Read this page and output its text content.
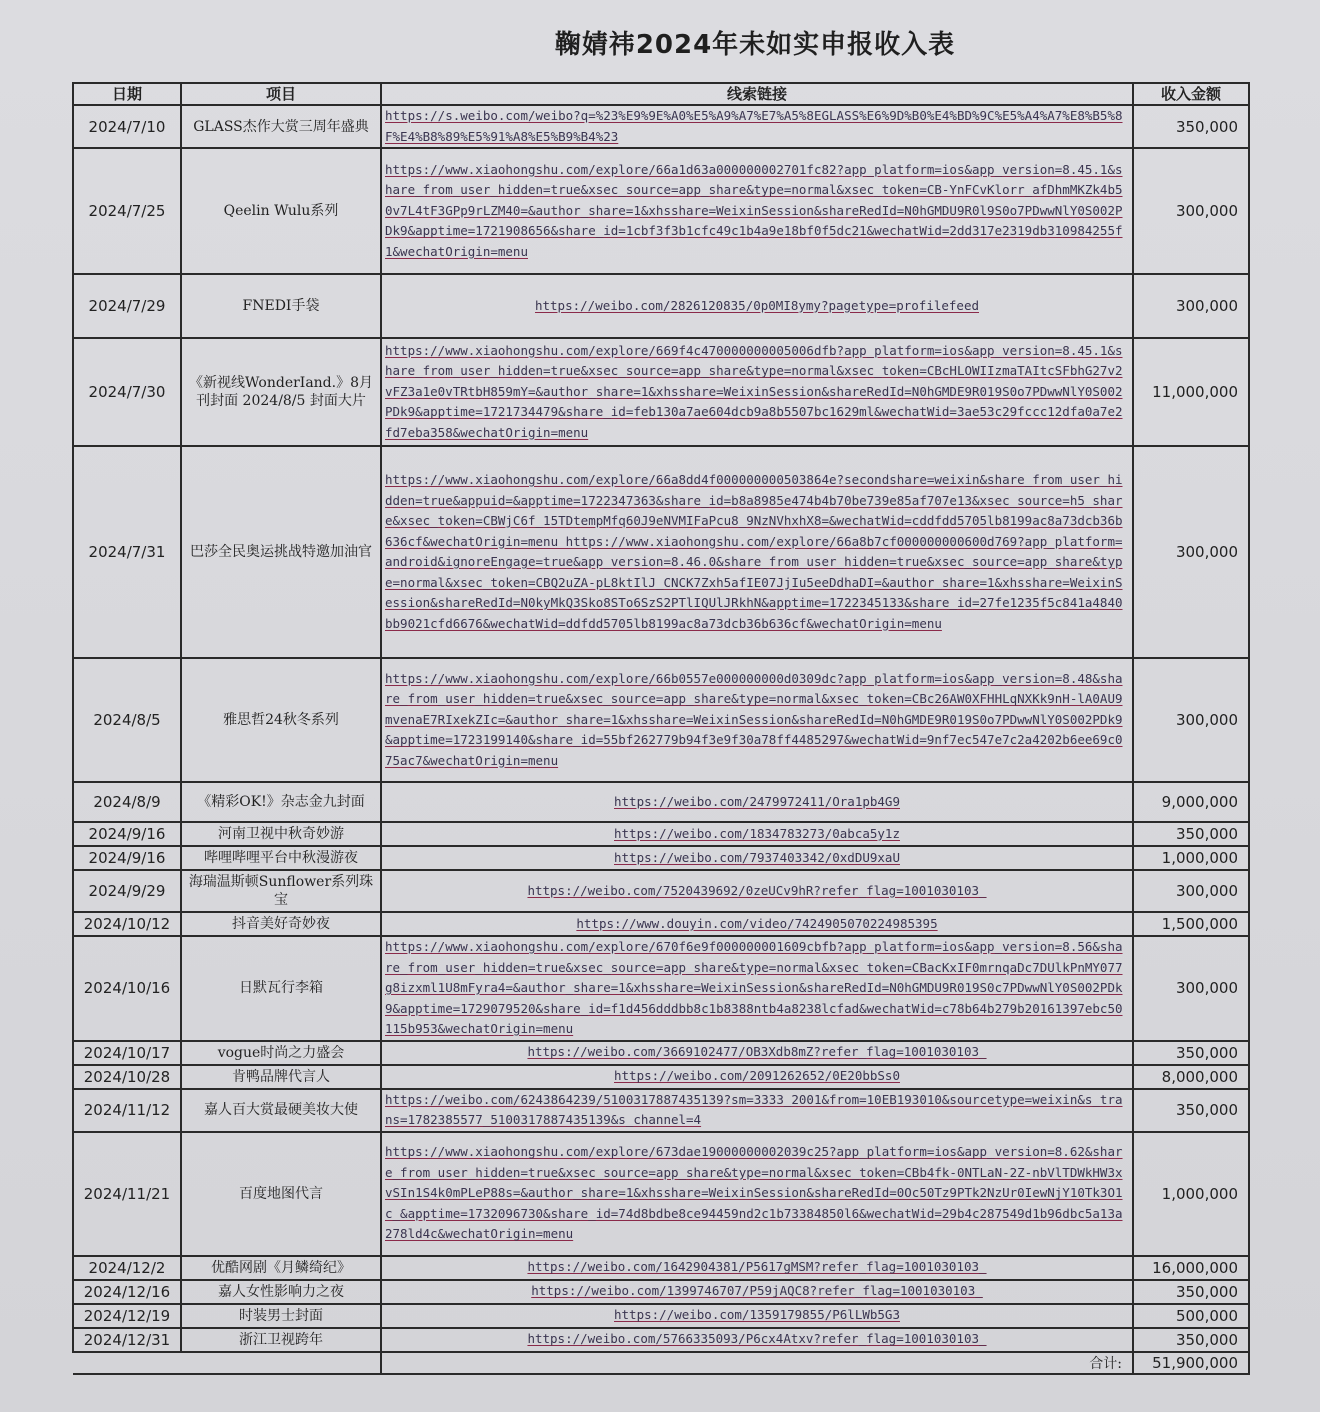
鞠婧祎2024年未如实申报收入表
日期	项目	线索链接	收入金额
2024/7/10	GLASS杰作大赏三周年盛典	https://s.weibo.com/weibo?q=%23%E9%9E%A0%E5%A9%A7%E7%A5%8EGLASS%E6%9D%B0%E4%BD%9C%E5%A4%A7%E8%B5%8F%E4%B8%89%E5%91%A8%E5%B9%B4%23	350,000
2024/7/25	Qeelin Wulu系列	https://www.xiaohongshu.com/explore/66a1d63a000000002701fc82?app_platform=ios&app_version=8.45.1&share_from_user_hidden=true&xsec_source=app_share&type=normal&xsec_token=CB-YnFCvKlorr_afDhmMKZk4b50v7L4tF3GPp9rLZM40=&author_share=1&xhsshare=WeixinSession&shareRedId=N0hGMDU9R0l9S0o7PDwwNlY0S002PDk9&apptime=1721908656&share_id=1cbf3f3b1cfc49c1b4a9e18bf0f5dc21&wechatWid=2dd317e2319db310984255f1&wechatOrigin=menu	300,000
2024/7/29	FNEDI手袋	https://weibo.com/2826120835/0p0MI8ymy?pagetype=profilefeed	300,000
2024/7/30	《新视线WonderIand.》8月刊封面 2024/8/5 封面大片	https://www.xiaohongshu.com/explore/669f4c470000000005006dfb?app_platform=ios&app_version=8.45.1&share_from_user_hidden=true&xsec_source=app_share&type=normal&xsec_token=CBcHLOWIIzmaTAItcSFbhG27v2vFZ3a1e0vTRtbH859mY=&author_share=1&xhsshare=WeixinSession&shareRedId=N0hGMDE9R019S0o7PDwwNlY0S002PDk9&apptime=1721734479&share_id=feb130a7ae604dcb9a8b5507bc1629ml&wechatWid=3ae53c29fccc12dfa0a7e2fd7eba358&wechatOrigin=menu	11,000,000
2024/7/31	巴莎全民奥运挑战特邀加油官	https://www.xiaohongshu.com/explore/66a8dd4f000000000503864e?secondshare=weixin&share_from_user_hidden=true&appuid=&apptime=1722347363&share_id=b8a8985e474b4b70be739e85af707e13&xsec_source=h5_share&xsec_token=CBWjC6f_15TDtempMfq60J9eNVMIFaPcu8_9NzNVhxhX8=&wechatWid=cddfdd5705lb8199ac8a73dcb36b636cf&wechatOrigin=menu https://www.xiaohongshu.com/explore/66a8b7cf000000000600d769?app_platform=android&ignoreEngage=true&app_version=8.46.0&share_from_user_hidden=true&xsec_source=app_share&type=normal&xsec_token=CBQ2uZA-pL8ktIlJ_CNCK7Zxh5afIE07JjIu5eeDdhaDI=&author_share=1&xhsshare=WeixinSession&shareRedId=N0kyMkQ3Sko8STo6SzS2PTlIQUlJRkhN&apptime=1722345133&share_id=27fe1235f5c841a4840bb9021cfd6676&wechatWid=ddfdd5705lb8199ac8a73dcb36b636cf&wechatOrigin=menu	300,000
2024/8/5	雅思哲24秋冬系列	https://www.xiaohongshu.com/explore/66b0557e000000000d0309dc?app_platform=ios&app_version=8.48&share_from_user_hidden=true&xsec_source=app_share&type=normal&xsec_token=CBc26AW0XFHHLqNXKk9nH-lA0AU9mvenaE7RIxekZIc=&author_share=1&xhsshare=WeixinSession&shareRedId=N0hGMDE9R019S0o7PDwwNlY0S002PDk9&apptime=1723199140&share_id=55bf262779b94f3e9f30a78ff4485297&wechatWid=9nf7ec547e7c2a4202b6ee69c075ac7&wechatOrigin=menu	300,000
2024/8/9	《精彩OK!》杂志金九封面	https://weibo.com/2479972411/Ora1pb4G9	9,000,000
2024/9/16	河南卫视中秋奇妙游	https://weibo.com/1834783273/0abca5y1z	350,000
2024/9/16	哔哩哔哩平台中秋漫游夜	https://weibo.com/7937403342/0xdDU9xaU	1,000,000
2024/9/29	海瑞温斯顿Sunflower系列珠宝	https://weibo.com/7520439692/0zeUCv9hR?refer_flag=1001030103_	300,000
2024/10/12	抖音美好奇妙夜	https://www.douyin.com/video/7424905070224985395	1,500,000
2024/10/16	日默瓦行李箱	https://www.xiaohongshu.com/explore/670f6e9f000000001609cbfb?app_platform=ios&app_version=8.56&share_from_user_hidden=true&xsec_source=app_share&type=normal&xsec_token=CBacKxIF0mrnqaDc7DUlkPnMY077g8izxml1U8mFyra4=&author_share=1&xhsshare=WeixinSession&shareRedId=N0hGMDU9R019S0c7PDwwNlY0S002PDk9&apptime=1729079520&share_id=f1d456dddbb8c1b8388ntb4a8238lcfad&wechatWid=c78b64b279b20161397ebc50115b953&wechatOrigin=menu	300,000
2024/10/17	vogue时尚之力盛会	https://weibo.com/3669102477/OB3Xdb8mZ?refer_flag=1001030103_	350,000
2024/10/28	肯鸭品牌代言人	https://weibo.com/2091262652/0E20bbSs0	8,000,000
2024/11/12	嘉人百大赏最硬美妆大使	https://weibo.com/6243864239/5100317887435139?sm=3333_2001&from=10EB193010&sourcetype=weixin&s_trans=1782385577_5100317887435139&s_channel=4	350,000
2024/11/21	百度地图代言	https://www.xiaohongshu.com/explore/673dae19000000002039c25?app_platform=ios&app_version=8.62&share_from_user_hidden=true&xsec_source=app_share&type=normal&xsec_token=CBb4fk-0NTLaN-2Z-nbVlTDWkHW3xvSIn1S4k0mPLeP88s=&author_share=1&xhsshare=WeixinSession&shareRedId=0Oc50Tz9PTk2NzUr0IewNjY10Tk3O1c_&apptime=1732096730&share_id=74d8bdbe8ce94459nd2c1b73384850l6&wechatWid=29b4c287549d1b96dbc5a13a278ld4c&wechatOrigin=menu	1,000,000
2024/12/2	优酷网剧《月鳞绮纪》	https://weibo.com/1642904381/P5617gMSM?refer_flag=1001030103_	16,000,000
2024/12/16	嘉人女性影响力之夜	https://weibo.com/1399746707/P59jAQC8?refer_flag=1001030103_	350,000
2024/12/19	时装男士封面	https://weibo.com/1359179855/P6lLWb5G3	500,000
2024/12/31	浙江卫视跨年	https://weibo.com/5766335093/P6cx4Atxv?refer_flag=1001030103_	350,000
		合计:	51,900,000
